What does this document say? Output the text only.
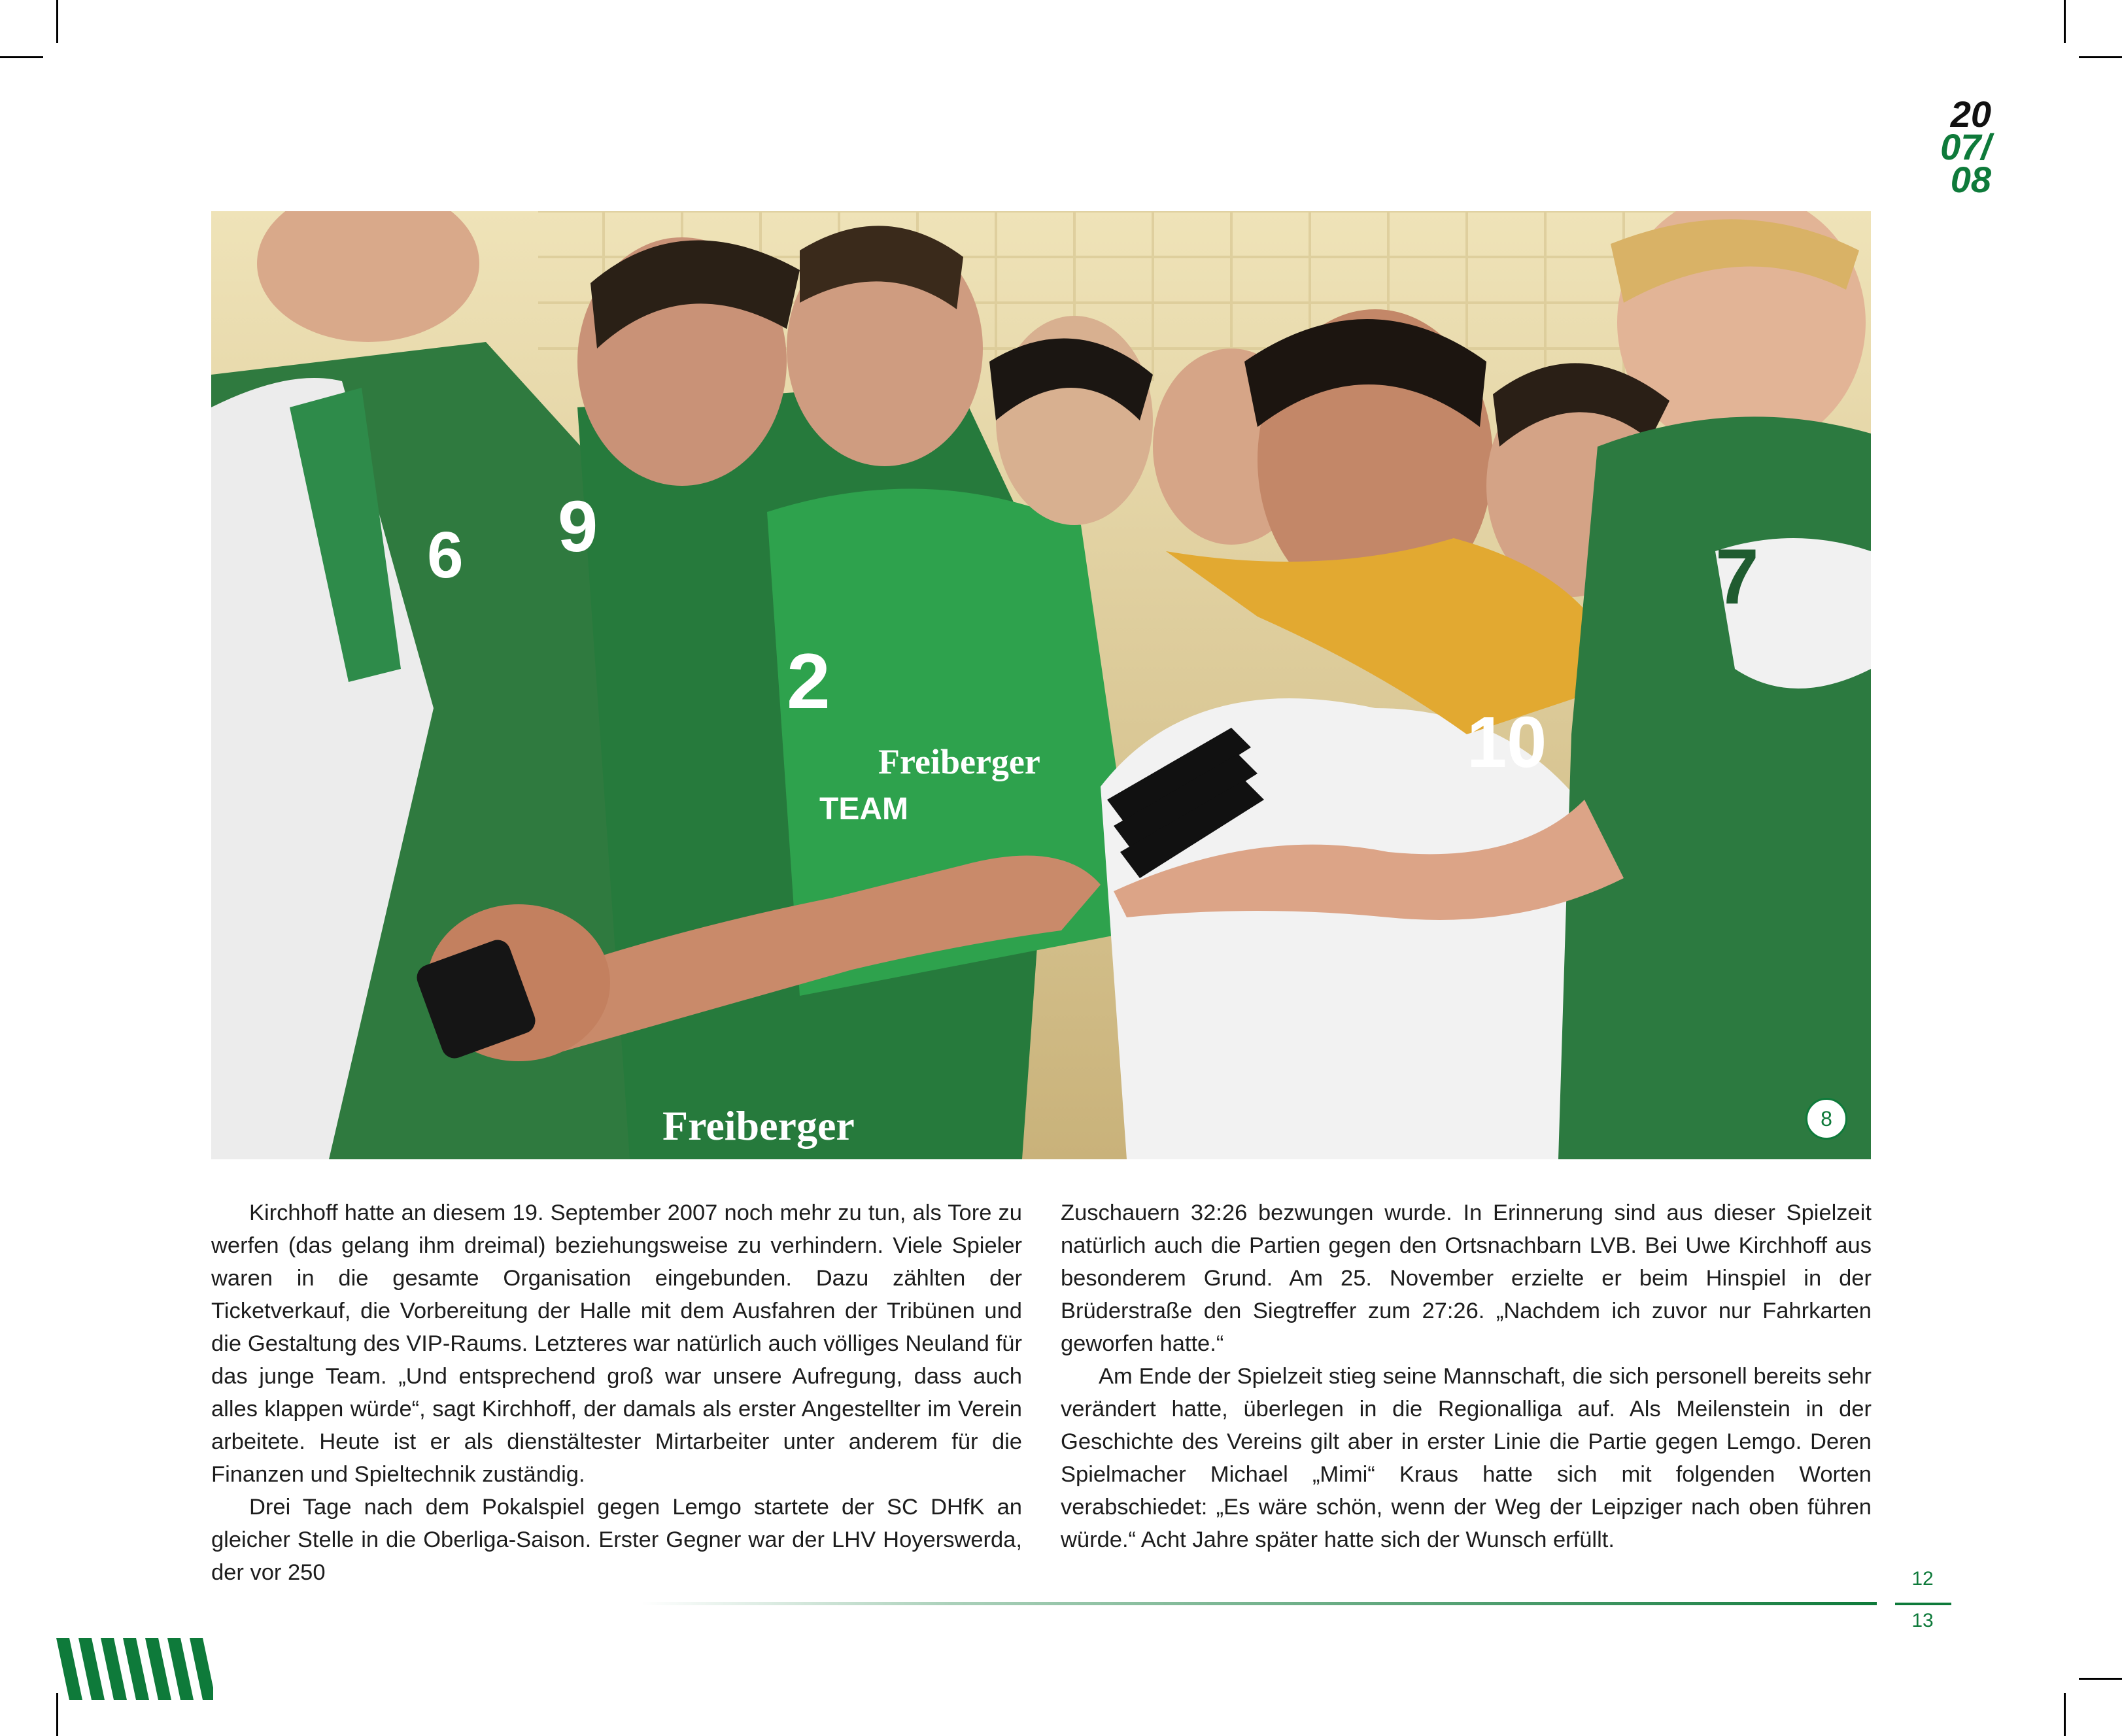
20
07/
08
Freiberger
TEAM
2
9
6
10
7
Freiberger	8

Kirchhoff hatte an diesem 19. September 2007 noch mehr zu tun, als Tore zu werfen (das gelang ihm dreimal) beziehungsweise zu verhindern. Viele Spieler waren in die gesamte Organisation eingebunden. Dazu zählten der Ticketverkauf, die Vorbereitung der Halle mit dem Ausfahren der Tribünen und die Gestaltung des VIP-Raums. Letzteres war natürlich auch völliges Neuland für das junge Team. „Und entsprechend groß war unsere Aufregung, dass auch alles klappen würde“, sagt Kirchhoff, der damals als erster Angestellter im Verein arbeitete. Heute ist er als dienstältester Mirtarbeiter unter anderem für die Finanzen und Spieltechnik zuständig.

Drei Tage nach dem Pokalspiel gegen Lemgo startete der SC DHfK an gleicher Stelle in die Oberliga-Saison. Erster Gegner war der LHV Hoyerswerda, der vor 250

Zuschauern 32:26 bezwungen wurde. In Erinnerung sind aus dieser Spielzeit natürlich auch die Partien gegen den Ortsnachbarn LVB. Bei Uwe Kirchhoff aus besonderem Grund. Am 25. November erzielte er beim Hinspiel in der Brüderstraße den Siegtreffer zum 27:26. „Nachdem ich zuvor nur Fahrkarten geworfen hatte.“

Am Ende der Spielzeit stieg seine Mannschaft, die sich personell bereits sehr verändert hatte, überlegen in die Regionalliga auf. Als Meilenstein in der Geschichte des Vereins gilt aber in erster Linie die Partie gegen Lemgo. Deren Spielmacher Michael „Mimi“ Kraus hatte sich mit folgenden Worten verabschiedet: „Es wäre schön, wenn der Weg der Leipziger nach oben führen würde.“ Acht Jahre später hatte sich der Wunsch erfüllt.

12
13
